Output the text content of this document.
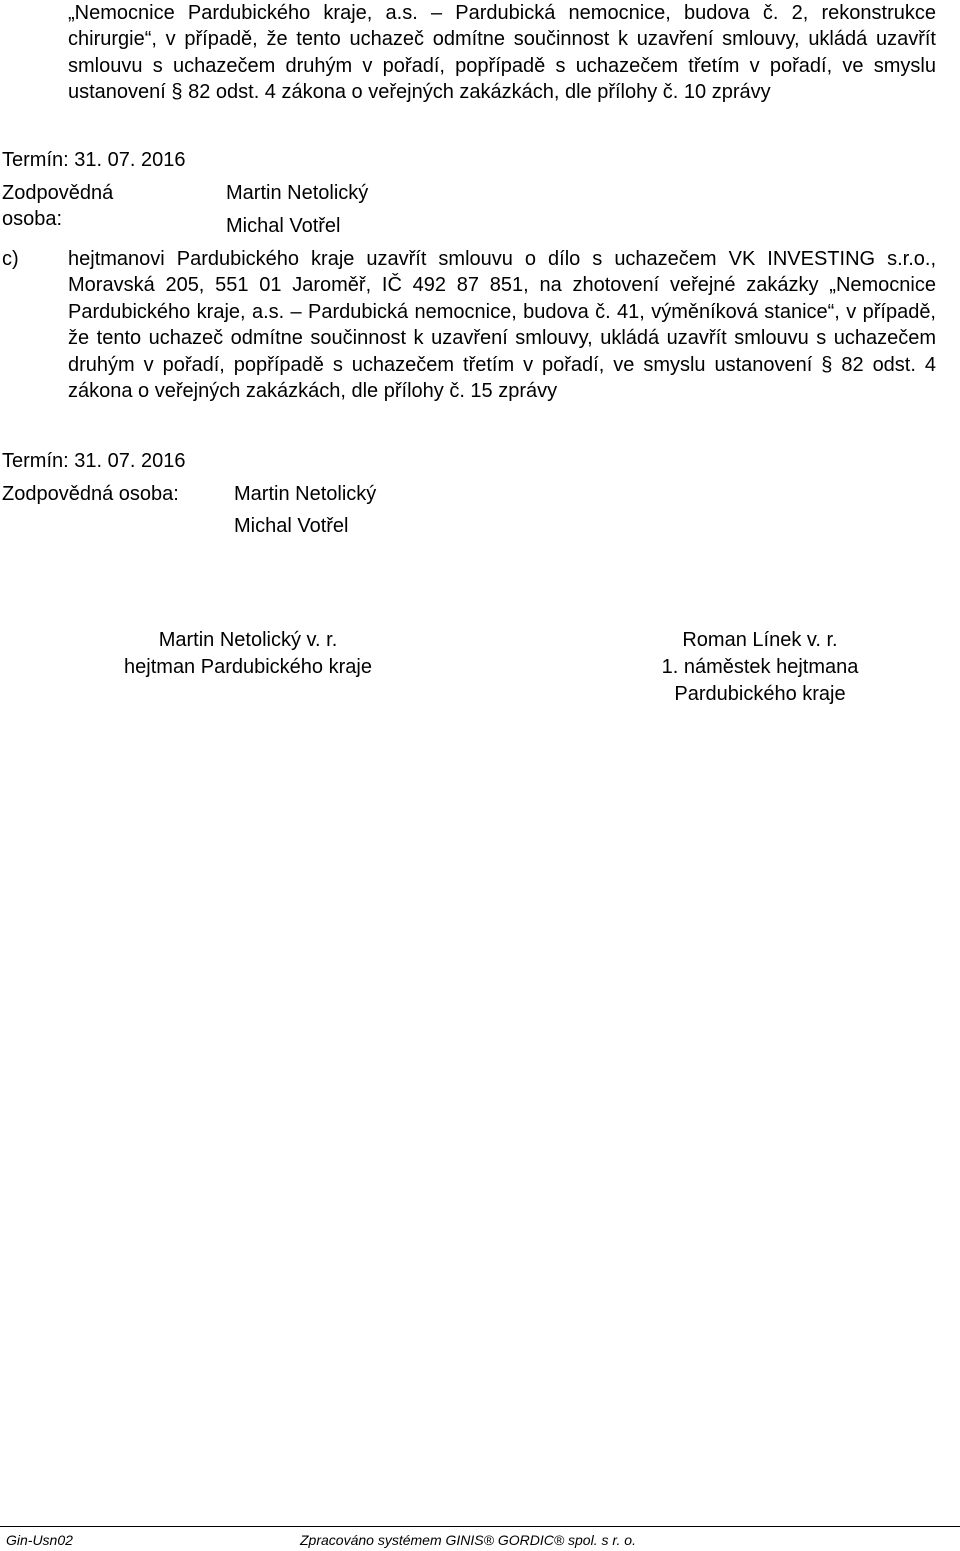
„Nemocnice Pardubického kraje, a.s. – Pardubická nemocnice, budova č. 2, rekonstrukce chirurgie“, v případě, že tento uchazeč odmítne součinnost k uzavření smlouvy, ukládá uzavřít smlouvu s uchazečem druhým v pořadí, popřípadě s uchazečem třetím v pořadí, ve smyslu ustanovení § 82 odst. 4 zákona o veřejných zakázkách, dle přílohy č. 10 zprávy
Termín: 31. 07. 2016
Zodpovědná
osoba:
Martin Netolický
Michal Votřel
c) hejtmanovi Pardubického kraje uzavřít smlouvu o dílo s uchazečem VK INVESTING s.r.o., Moravská 205, 551 01 Jaroměř, IČ 492 87 851, na zhotovení veřejné zakázky „Nemocnice Pardubického kraje, a.s. – Pardubická nemocnice, budova č. 41, výměníková stanice“, v případě, že tento uchazeč odmítne součinnost k uzavření smlouvy, ukládá uzavřít smlouvu s uchazečem druhým v pořadí, popřípadě s uchazečem třetím v pořadí, ve smyslu ustanovení § 82 odst. 4 zákona o veřejných zakázkách, dle přílohy č. 15 zprávy
Termín: 31. 07. 2016
Zodpovědná osoba:	Martin Netolický
Michal Votřel
Martin Netolický v. r.
hejtman Pardubického kraje
Roman Línek v. r.
1. náměstek hejtmana
Pardubického kraje
Gin-Usn02	Zpracováno systémem GINIS® GORDIC® spol. s r. o.
